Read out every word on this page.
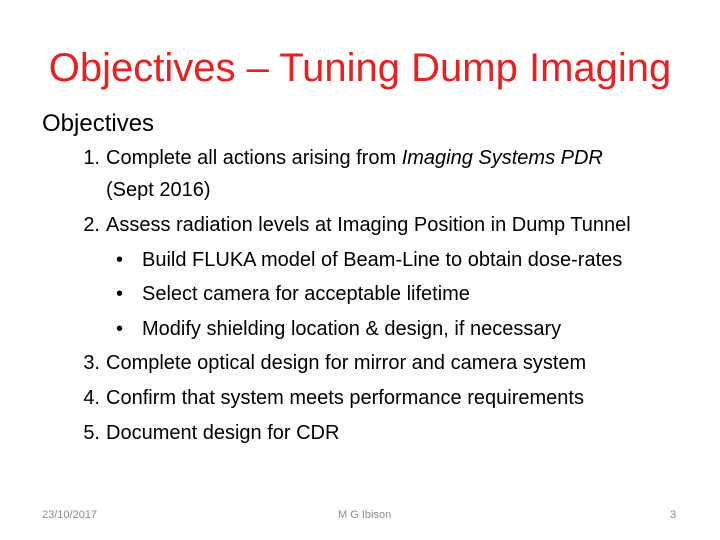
Objectives – Tuning Dump Imaging
Objectives
1. Complete all actions arising from Imaging Systems PDR
(Sept 2016)
2. Assess radiation levels at Imaging Position in Dump Tunnel
• Build FLUKA model of Beam-Line to obtain dose-rates
• Select camera for acceptable lifetime
• Modify shielding location & design, if necessary
3. Complete optical design for mirror and camera system
4. Confirm that system meets performance requirements
5. Document design for CDR
23/10/2017	M G Ibison	3
